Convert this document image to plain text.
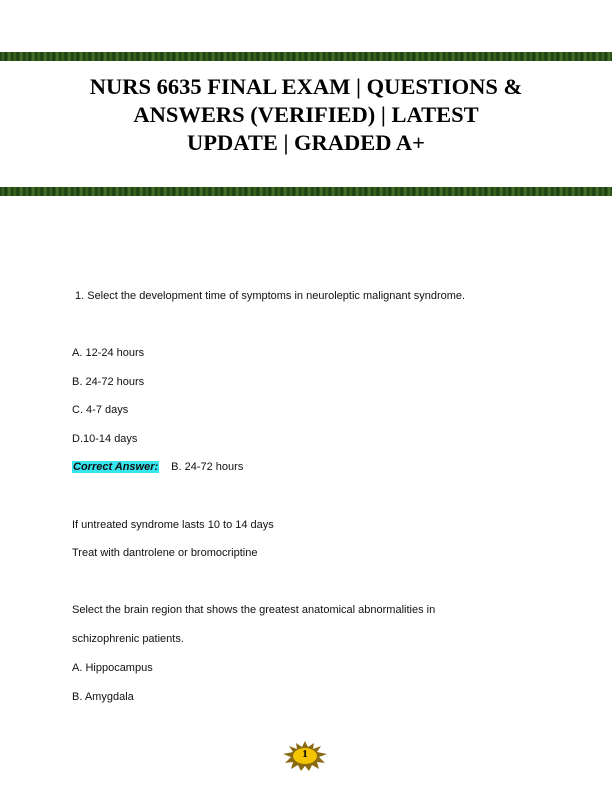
NURS 6635 FINAL EXAM | QUESTIONS &
ANSWERS (VERIFIED) | LATEST
UPDATE | GRADED A+
1. Select the development time of symptoms in neuroleptic malignant syndrome.
A. 12-24 hours
B. 24-72 hours
C. 4-7 days
D.10-14 days
Correct Answer: B. 24-72 hours
If untreated syndrome lasts 10 to 14 days
Treat with dantrolene or bromocriptine
Select the brain region that shows the greatest anatomical abnormalities in
schizophrenic patients.
A. Hippocampus
B. Amygdala
1
